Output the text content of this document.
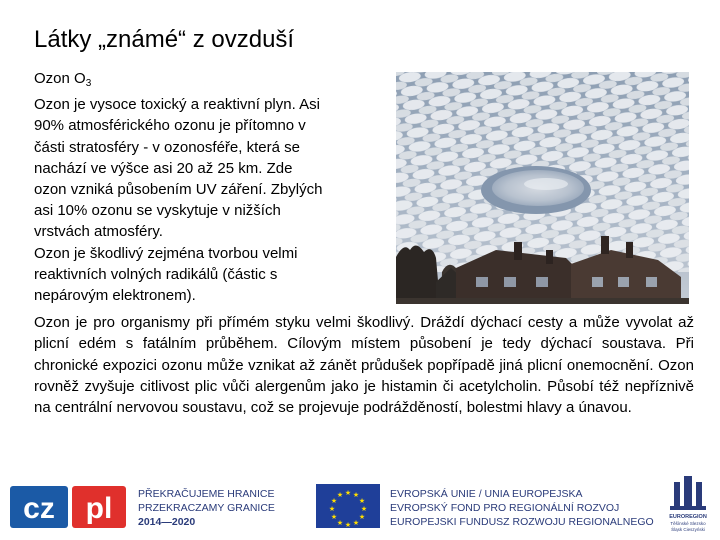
Látky „známé“ z ovzduší
Ozon $O_3$
Ozon je vysoce toxický a reaktivní plyn. Asi
90% atmosférického ozonu je přítomno v
části stratosféry - v ozonosféře, která se
nachází ve výšce asi 20 až 25 km. Zde
ozon vzniká působením UV záření. Zbylých
asi 10% ozonu se vyskytuje v nižších
vrstvách atmosféry.
Ozon je škodlivý zejména tvorbou velmi
reaktivních volných radikálů (částic s
nepárovým elektronem).
Ozon je pro organismy při přímém styku velmi škodlivý. Dráždí dýchací cesty a může vyvolat až plicní edém s fatálním průběhem. Cílovým místem působení je tedy dýchací soustava. Při chronické expozici ozonu může vznikat až zánět průdušek popřípadě jiná plicní onemocnění. Ozon rovněž zvyšuje citlivost plic vůči alergenům jako je histamin či acetylcholin. Působí též nepříznivě na centrální nervovou soustavu, což se projevuje podrážděností, bolestmi hlavy a únavou.
cz pl PŘEKRAČUJEME HRANICE
PRZEKRACZAMY GRANICE
2014—2020
★ ★
★
★
★
★
★
★
★
★
★
★	EVROPSKÁ UNIE / UNIA EUROPEJSKA
EVROPSKÝ FOND PRO REGIONÁLNÍ ROZVOJ
EUROPEJSKI FUNDUSZ ROZWOJU REGIONALNEGO	EUROREGION
Těšínské Slezsko
Śląsk Cieszyński
